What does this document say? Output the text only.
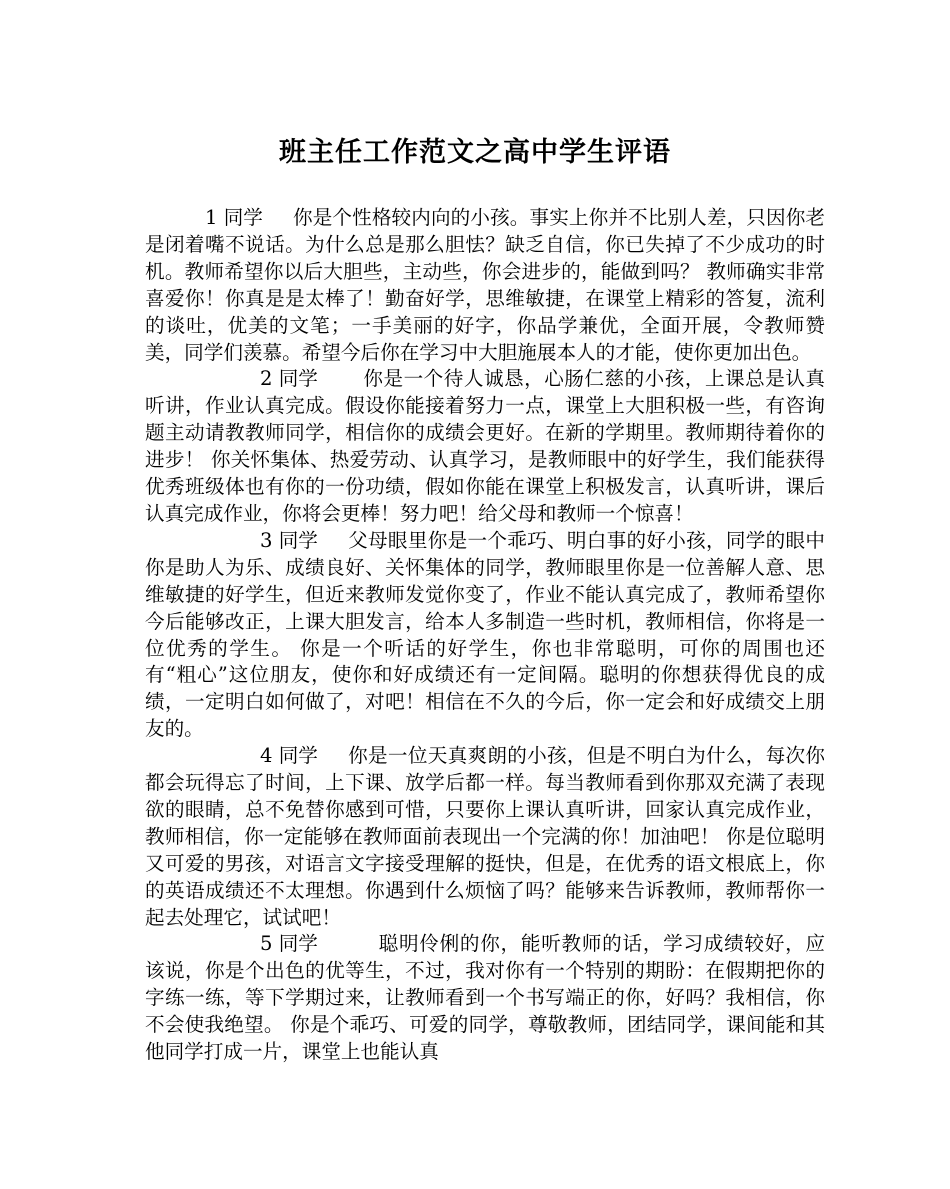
班主任工作范文之高中学生评语

1 同学 你是个性格较内向的小孩。事实上你并不比别人差，只因你老是闭着嘴不说话。为什么总是那么胆怯？缺乏自信，你已失掉了不少成功的时机。教师希望你以后大胆些，主动些，你会进步的，能做到吗？ 教师确实非常喜爱你！你真是是太棒了！勤奋好学，思维敏捷，在课堂上精彩的答复，流利的谈吐，优美的文笔；一手美丽的好字，你品学兼优，全面开展，令教师赞美，同学们羡慕。希望今后你在学习中大胆施展本人的才能，使你更加出色。

2 同学 你是一个待人诚恳，心肠仁慈的小孩，上课总是认真听讲，作业认真完成。假设你能接着努力一点，课堂上大胆积极一些，有咨询题主动请教教师同学，相信你的成绩会更好。在新的学期里。教师期待着你的进步！ 你关怀集体、热爱劳动、认真学习，是教师眼中的好学生，我们能获得优秀班级体也有你的一份功绩，假如你能在课堂上积极发言，认真听讲，课后认真完成作业，你将会更棒！努力吧！给父母和教师一个惊喜！

3 同学 父母眼里你是一个乖巧、明白事的好小孩，同学的眼中你是助人为乐、成绩良好、关怀集体的同学，教师眼里你是一位善解人意、思维敏捷的好学生，但近来教师发觉你变了，作业不能认真完成了，教师希望你今后能够改正，上课大胆发言，给本人多制造一些时机，教师相信，你将是一位优秀的学生。 你是一个听话的好学生，你也非常聪明，可你的周围也还有“粗心”这位朋友，使你和好成绩还有一定间隔。聪明的你想获得优良的成绩，一定明白如何做了，对吧！相信在不久的今后，你一定会和好成绩交上朋友的。

4 同学 你是一位天真爽朗的小孩，但是不明白为什么，每次你都会玩得忘了时间，上下课、放学后都一样。每当教师看到你那双充满了表现欲的眼睛，总不免替你感到可惜，只要你上课认真听讲，回家认真完成作业，教师相信，你一定能够在教师面前表现出一个完满的你！加油吧！ 你是位聪明又可爱的男孩，对语言文字接受理解的挺快，但是，在优秀的语文根底上，你的英语成绩还不太理想。你遇到什么烦恼了吗？能够来告诉教师，教师帮你一起去处理它，试试吧！

5 同学	聪明伶俐的你，能听教师的话，学习成绩较好，应该说，你是个出色的优等生，不过，我对你有一个特别的期盼：在假期把你的字练一练，等下学期过来，让教师看到一个书写端正的你，好吗？我相信，你不会使我绝望。 你是个乖巧、可爱的同学，尊敬教师，团结同学，课间能和其他同学打成一片，课堂上也能认真
